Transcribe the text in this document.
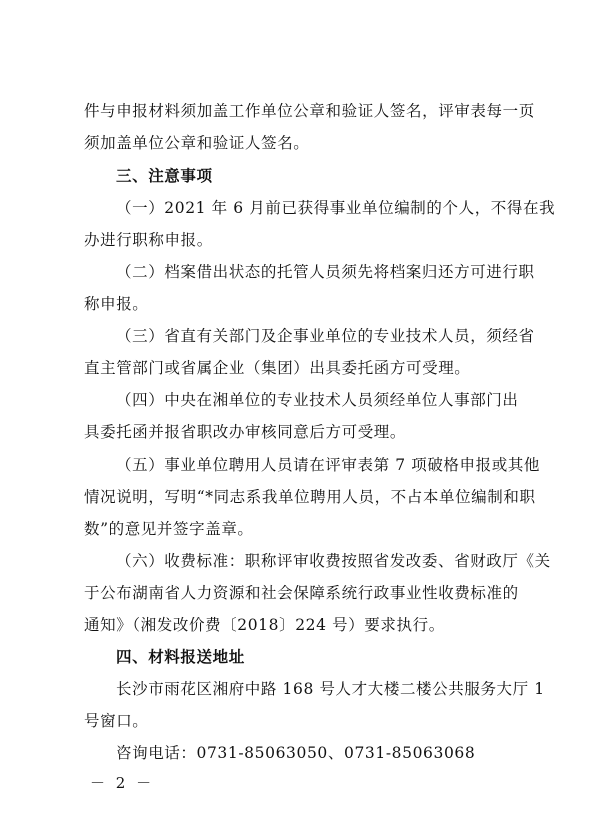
件与申报材料须加盖工作单位公章和验证人签名，评审表每一页
须加盖单位公章和验证人签名。
三、注意事项
（一）2021 年 6 月前已获得事业单位编制的个人，不得在我
办进行职称申报。
（二）档案借出状态的托管人员须先将档案归还方可进行职
称申报。
（三）省直有关部门及企事业单位的专业技术人员，须经省
直主管部门或省属企业（集团）出具委托函方可受理。
（四）中央在湘单位的专业技术人员须经单位人事部门出
具委托函并报省职改办审核同意后方可受理。
（五）事业单位聘用人员请在评审表第 7 项破格申报或其他
情况说明，写明“*同志系我单位聘用人员，不占本单位编制和职
数”的意见并签字盖章。
（六）收费标准：职称评审收费按照省发改委、省财政厅《关
于公布湖南省人力资源和社会保障系统行政事业性收费标准的
通知》（湘发改价费〔2018〕224 号）要求执行。
四、材料报送地址
长沙市雨花区湘府中路 168 号人才大楼二楼公共服务大厅 1
号窗口。
咨询电话：0731-85063050、0731-85063068
－ 2 －
